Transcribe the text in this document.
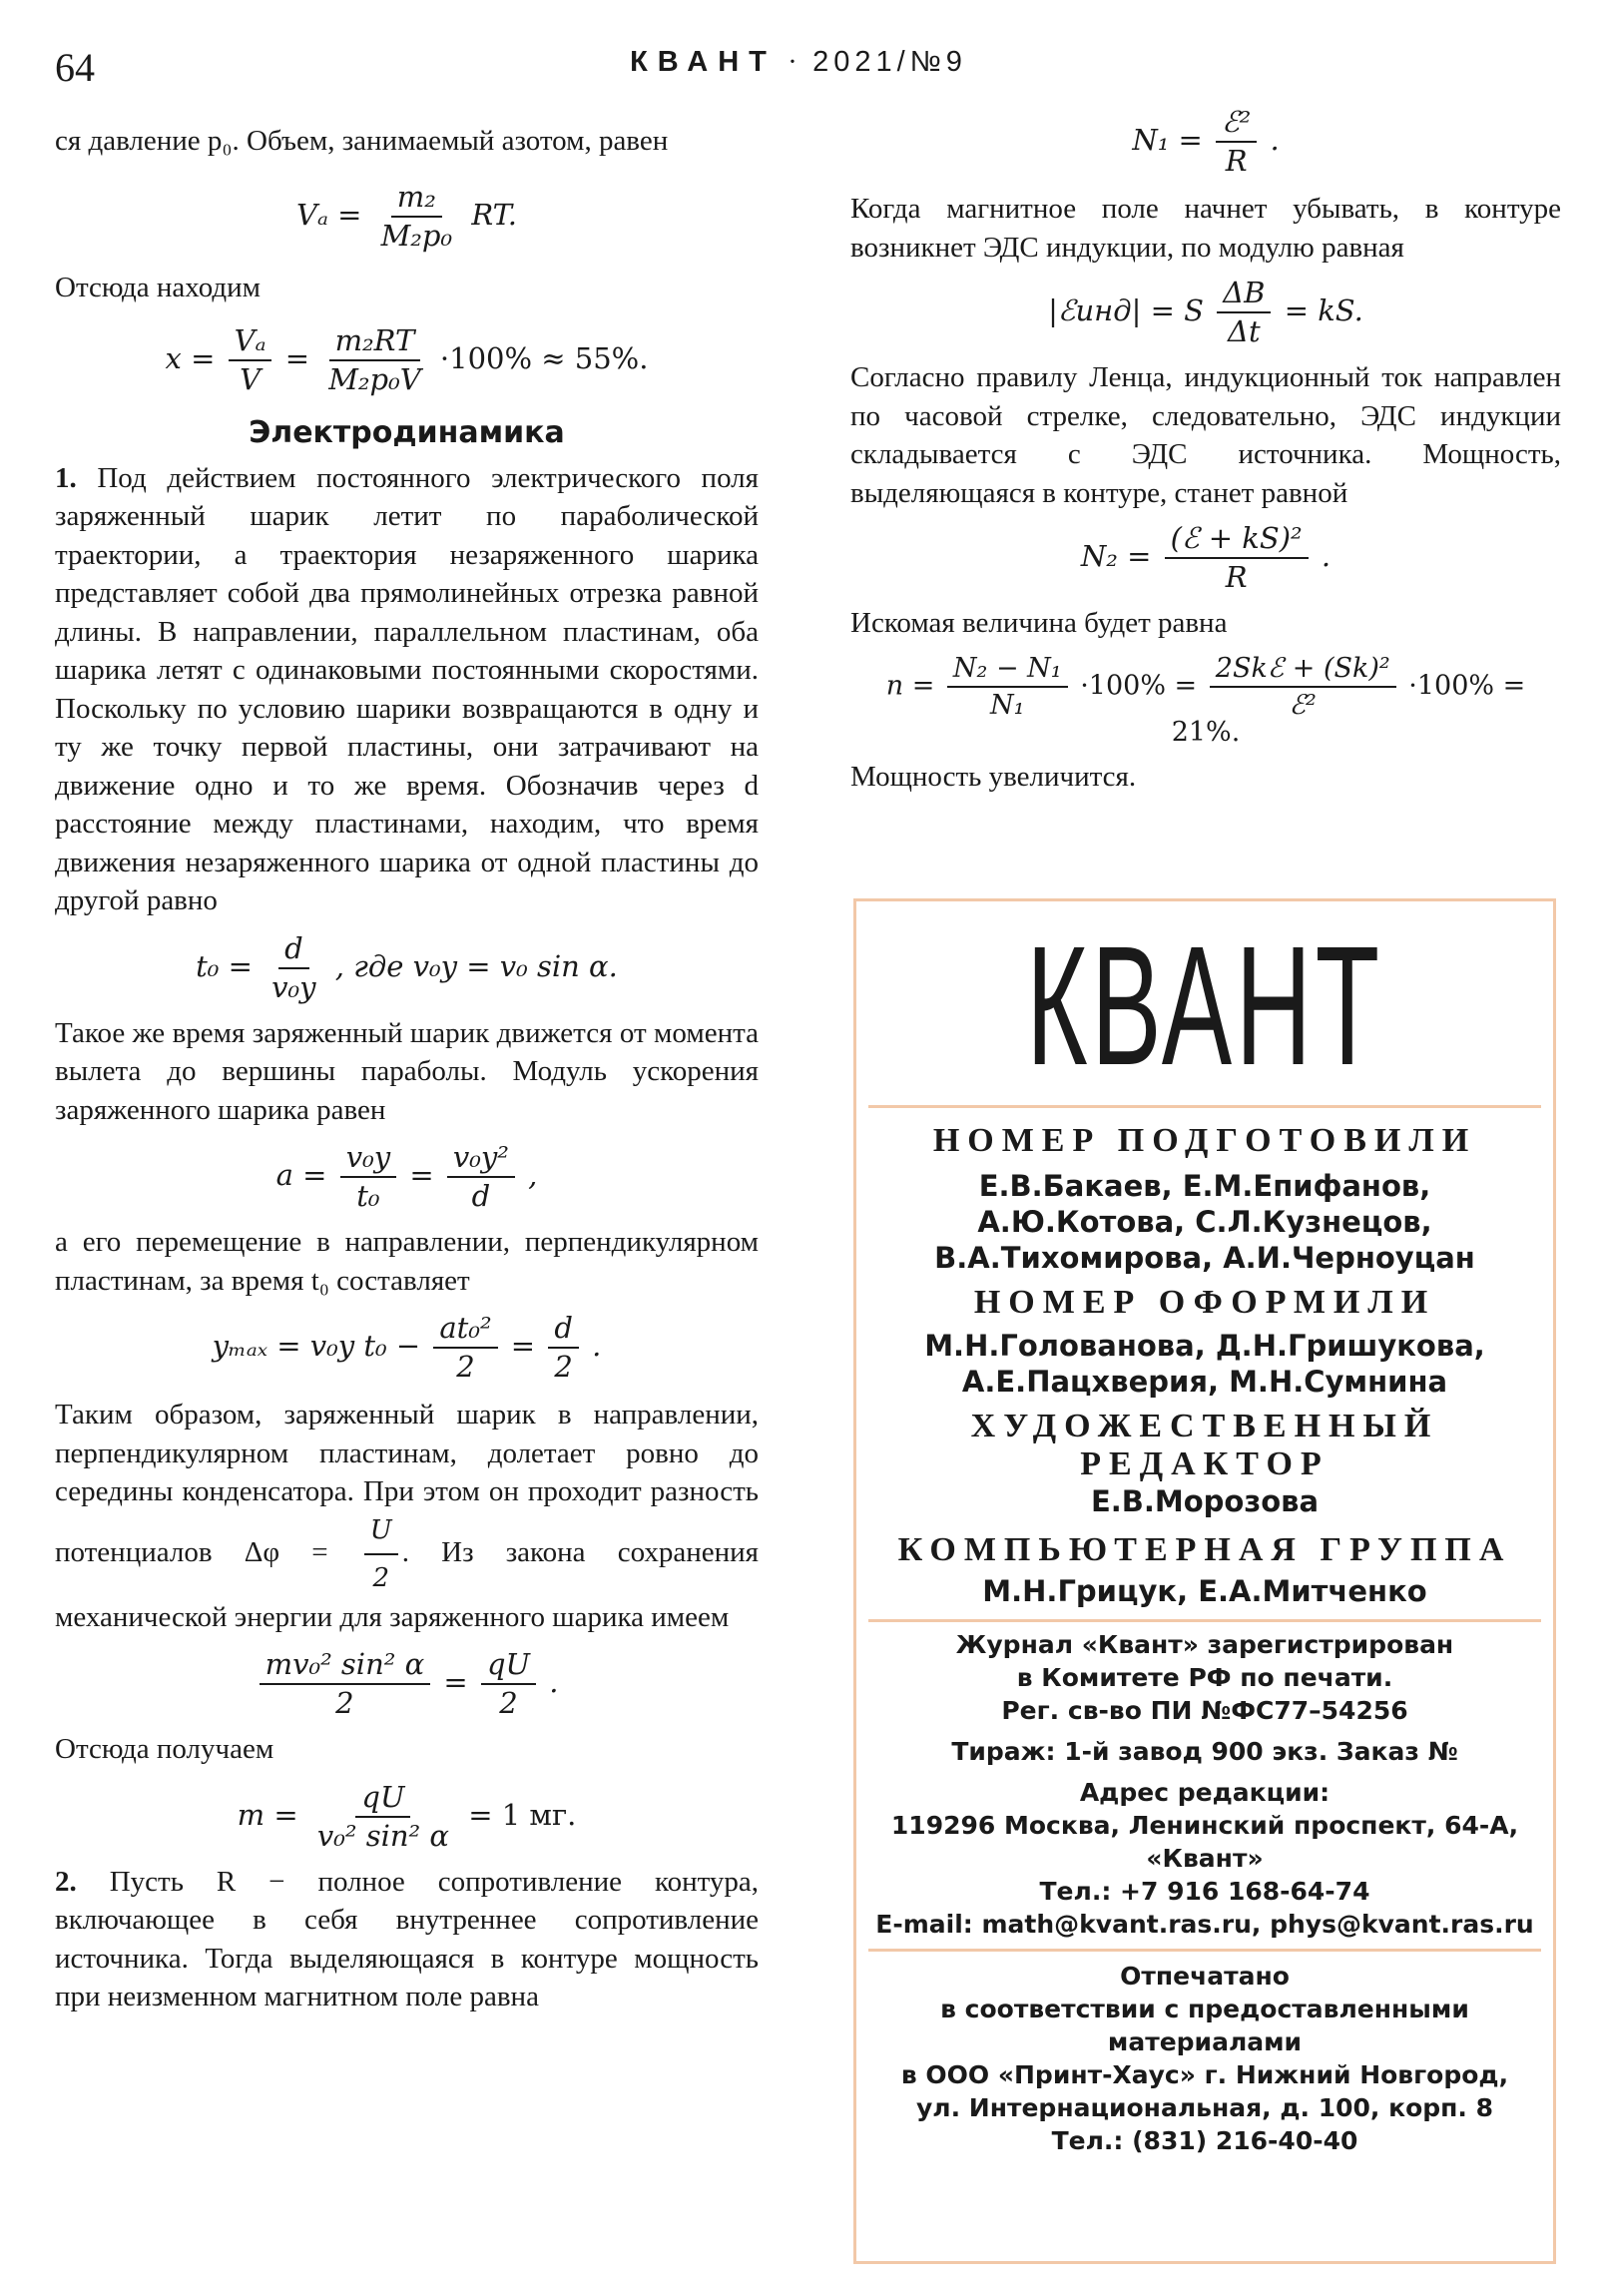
64	КВАНТ · 2021/№9

ся давление p₀. Объем, занимаемый азотом, равен

$V_a = \frac{\text{m₂}}{\text{M₂p₀}}$ RT.

Отсюда находим

$x = \frac{\text{Vₐ}}{V} = \frac{\text{m₂RT}}{\text{M₂p₀V}} \cdot 100\% \approx 55\%$.
Электродинамика

1. Под действием постоянного электрического поля заряженный шарик летит по параболической траектории, а траектория незаряженного шарика представляет собой два прямолинейных отрезка равной длины. В направлении, параллельном пластинам, оба шарика летят с одинаковыми постоянными скоростями. Поскольку по условию шарики возвращаются в одну и ту же точку первой пластины, они затрачивают на движение одно и то же время. Обозначив через d расстояние между пластинами, находим, что время движения незаряженного шарика от одной пластины до другой равно

$t_0 = \frac{d}{\text{v₀y}}$ , где v₀y = v₀ sin α.

Такое же время заряженный шарик движется от момента вылета до вершины параболы. Модуль ускорения заряженного шарика равен

$a = \frac{\text{v₀y}}{\text{t₀}} = \frac{\text{v₀y²}}{d}$ ,

а его перемещение в направлении, перпендикулярном пластинам, за время t₀ составляет

yₘₐₓ = v₀y $t_0 - \frac{\text{at₀²}}{2} = \frac{d}{2}$ .

Таким образом, заряженный шарик в направлении, перпендикулярном пластинам, долетает ровно до середины конденсатора. При этом он проходит разность потенциалов $\Delta\varphi = \frac{U}{2}$ . Из закона сохранения механической энергии для заряженного шарика имеем

$\frac{\text{mv₀² sin² α}}{2} = \frac{qU}{2}$ .

Отсюда получаем

$m = \frac{qU}{\text{v₀² sin² α}} = 1$ мг.

2. Пусть R − полное сопротивление контура, включающее в себя внутреннее сопротивление источника. Тогда выделяющаяся в контуре мощность при неизменном магнитном поле равна

$N_1 = \frac{\text{ℰ²}}{R}$ .

Когда магнитное поле начнет убывать, в контуре возникнет ЭДС индукции, по модулю равная

|ℰинд| = S $\frac{\Delta B}{\Delta t}$ = kS.

Согласно правилу Ленца, индукционный ток направлен по часовой стрелке, следовательно, ЭДС индукции складывается с ЭДС источника. Мощность, выделяющаяся в контуре, станет равной

$N_2 = \frac{\text{(ℰ + kS)²}}{R}$ .

Искомая величина будет равна

$n = \frac{\text{N₂ − N₁}}{\text{N₁}} \cdot 100\% = \frac{\text{2Skℰ + (Sk)²}}{\text{ℰ²}} \cdot 100\% = 21\%$.

Мощность увеличится.

КВАНТ
НОМЕР ПОДГОТОВИЛИ
Е.В.Бакаев, Е.М.Епифанов,
А.Ю.Котова, С.Л.Кузнецов,
В.А.Тихомирова, А.И.Черноуцан
НОМЕР ОФОРМИЛИ
М.Н.Голованова, Д.Н.Гришукова,
А.Е.Пацхверия, М.Н.Сумнина
ХУДОЖЕСТВЕННЫЙ
РЕДАКТОР
Е.В.Морозова
КОМПЬЮТЕРНАЯ ГРУППА
М.Н.Грицук, Е.А.Митченко
Журнал «Квант» зарегистрирован
в Комитете РФ по печати.
Рег. св-во ПИ №ФС77–54256
Тираж: 1-й завод 900 экз. Заказ №
Адрес редакции:
119296 Москва, Ленинский проспект, 64-А,
«Квант»
Тел.: +7 916 168-64-74
E-mail: math@kvant.ras.ru, phys@kvant.ras.ru
Отпечатано
в соответствии с предоставленными
материалами
в ООО «Принт-Хаус» г. Нижний Новгород,
ул. Интернациональная, д. 100, корп. 8
Тел.: (831) 216-40-40
